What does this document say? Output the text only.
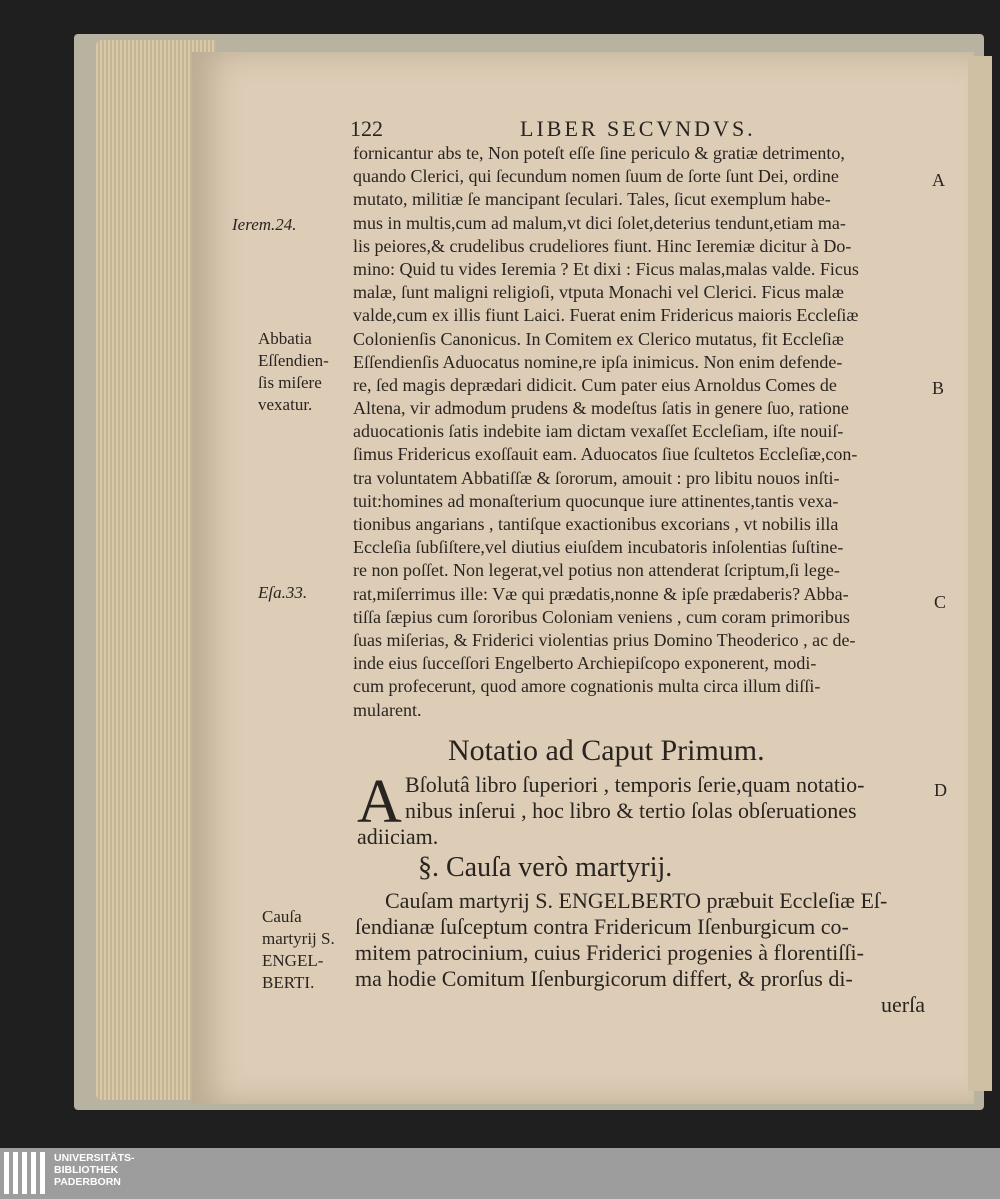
122	LIBER SECVNDVS.
fornicantur abs te, Non poteſt eſſe ſine periculo & gratiæ detrimento,
quando Clerici, qui ſecundum nomen ſuum de ſorte ſunt Dei, ordine
mutato, militiæ ſe mancipant ſeculari. Tales, ſicut exemplum habe-
mus in multis,cum ad malum,vt dici ſolet,deterius tendunt,etiam ma-
lis peiores,& crudelibus crudeliores fiunt. Hinc Ieremiæ dicitur à Do-
mino: Quid tu vides Ieremia ? Et dixi : Ficus malas,malas valde. Ficus
malæ, ſunt maligni religioſi, vtputa Monachi vel Clerici. Ficus malæ
valde,cum ex illis fiunt Laici. Fuerat enim Fridericus maioris Eccleſiæ
Colonienſis Canonicus. In Comitem ex Clerico mutatus, fit Eccleſiæ
Eſſendienſis Aduocatus nomine,re ipſa inimicus. Non enim defende-
re, ſed magis deprædari didicit. Cum pater eius Arnoldus Comes de
Altena, vir admodum prudens & modeſtus ſatis in genere ſuo, ratione
aduocationis ſatis indebite iam dictam vexaſſet Eccleſiam, iſte nouiſ-
ſimus Fridericus exoſſauit eam. Aduocatos ſiue ſcultetos Eccleſiæ,con-
tra voluntatem Abbatiſſæ & ſororum, amouit : pro libitu nouos inſti-
tuit:homines ad monaſterium quocunque iure attinentes,tantis vexa-
tionibus angarians , tantiſque exactionibus excorians , vt nobilis illa
Eccleſia ſubſiſtere,vel diutius eiuſdem incubatoris inſolentias ſuſtine-
re non poſſet. Non legerat,vel potius non attenderat ſcriptum,ſi lege-
rat,miſerrimus ille: Væ qui prædatis,nonne & ipſe prædaberis? Abba-
tiſſa ſæpius cum ſororibus Coloniam veniens , cum coram primoribus
ſuas miſerias, & Friderici violentias prius Domino Theoderico , ac de-
inde eius ſucceſſori Engelberto Archiepiſcopo exponerent, modi-
cum profecerunt, quod amore cognationis multa circa illum diſſi-
mularent.
Ierem.24.
Abbatia
Eſſendien-
ſis miſere
vexatur.
Eſa.33.
Cauſa
martyrij S.
ENGEL-
BERTI.
A
B
C
D
Notatio ad Caput Primum.
A Bſolutâ libro ſuperiori , temporis ſerie,quam notatio-
nibus inſerui , hoc libro & tertio ſolas obſeruationes
adiiciam.
§. Cauſa verò martyrij.
Cauſam martyrij S. ENGELBERTO præbuit Eccleſiæ Eſ-
ſendianæ ſuſceptum contra Fridericum Iſenburgicum co-
mitem patrocinium, cuius Friderici progenies à florentiſſi-
ma hodie Comitum Iſenburgicorum differt, & prorſus di-
uerſa
UNIVERSITÄTS-
BIBLIOTHEK
PADERBORN
